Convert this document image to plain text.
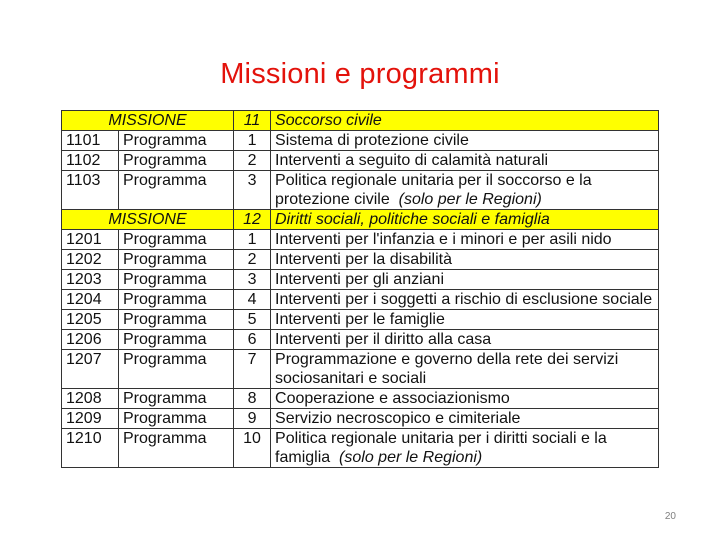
Missioni e programmi
MISSIONE		11	Soccorso civile
1101	Programma	1	Sistema di protezione civile
1102	Programma	2	Interventi a seguito di calamità naturali
1103	Programma	3	Politica regionale unitaria per il soccorso e la protezione civile (solo per le Regioni)
MISSIONE		12	Diritti sociali, politiche sociali e famiglia
1201	Programma	1	Interventi per l'infanzia e i minori e per asili nido
1202	Programma	2	Interventi per la disabilità
1203	Programma	3	Interventi per gli anziani
1204	Programma	4	Interventi per i soggetti a rischio di esclusione sociale
1205	Programma	5	Interventi per le famiglie
1206	Programma	6	Interventi per il diritto alla casa
1207	Programma	7	Programmazione e governo della rete dei servizi sociosanitari e sociali
1208	Programma	8	Cooperazione e associazionismo
1209	Programma	9	Servizio necroscopico e cimiteriale
1210	Programma	10	Politica regionale unitaria per i diritti sociali e la famiglia (solo per le Regioni)
20
